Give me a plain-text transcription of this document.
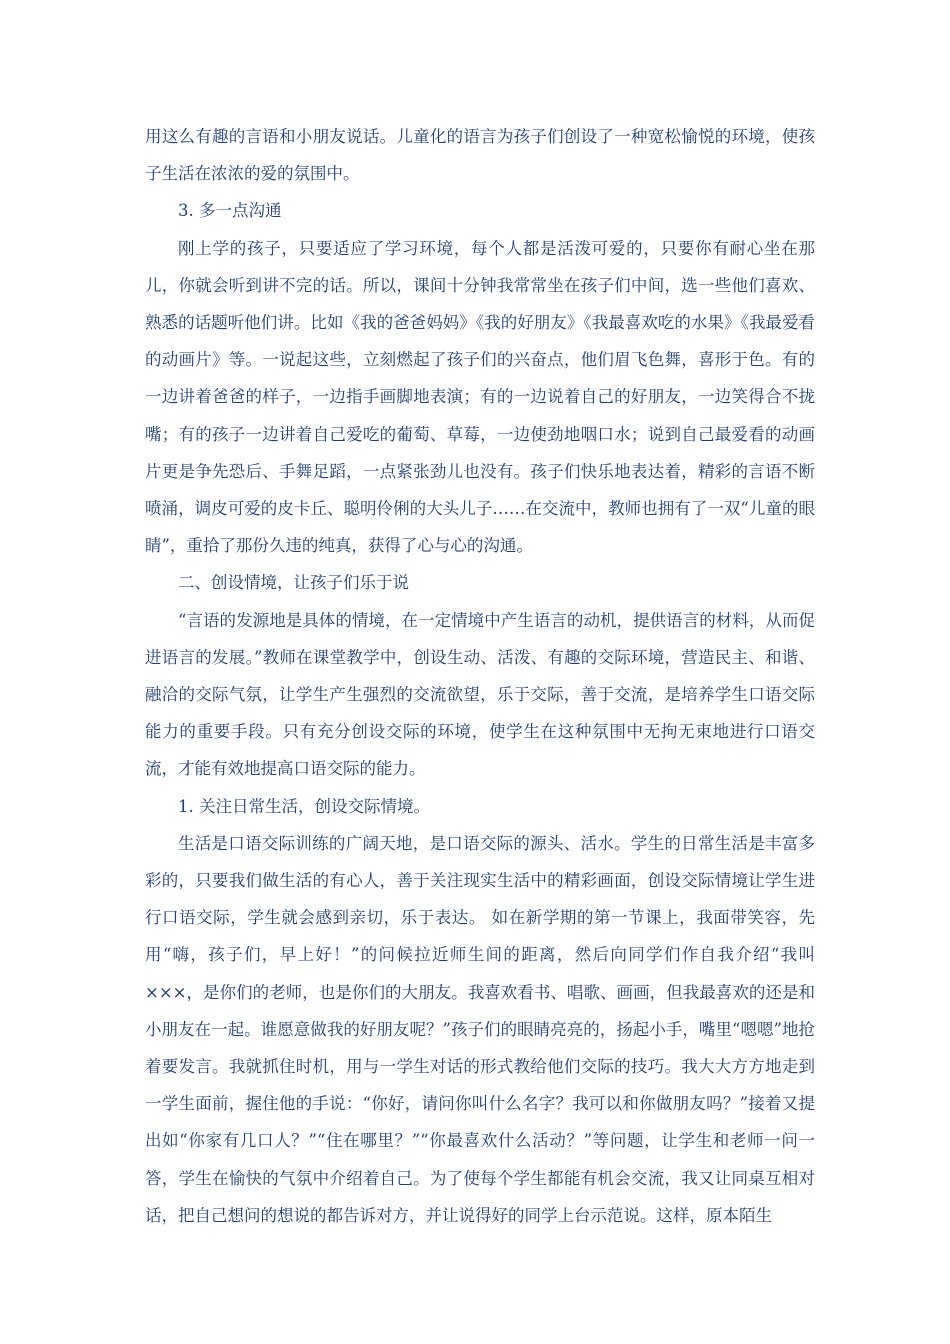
用这么有趣的言语和小朋友说话。儿童化的语言为孩子们创设了一种宽松愉悦的环境，使孩子生活在浓浓的爱的氛围中。

3. 多一点沟通

刚上学的孩子，只要适应了学习环境，每个人都是活泼可爱的，只要你有耐心坐在那儿，你就会听到讲不完的话。所以，课间十分钟我常常坐在孩子们中间，选一些他们喜欢、熟悉的话题听他们讲。比如《我的爸爸妈妈》《我的好朋友》《我最喜欢吃的水果》《我最爱看的动画片》等。一说起这些，立刻燃起了孩子们的兴奋点，他们眉飞色舞，喜形于色。有的一边讲着爸爸的样子，一边指手画脚地表演；有的一边说着自己的好朋友，一边笑得合不拢嘴；有的孩子一边讲着自己爱吃的葡萄、草莓，一边使劲地咽口水；说到自己最爱看的动画片更是争先恐后、手舞足蹈，一点紧张劲儿也没有。孩子们快乐地表达着，精彩的言语不断喷涌，调皮可爱的皮卡丘、聪明伶俐的大头儿子……在交流中，教师也拥有了一双“儿童的眼睛”，重拾了那份久违的纯真，获得了心与心的沟通。

二、创设情境，让孩子们乐于说

“言语的发源地是具体的情境，在一定情境中产生语言的动机，提供语言的材料，从而促进语言的发展。”教师在课堂教学中，创设生动、活泼、有趣的交际环境，营造民主、和谐、融洽的交际气氛，让学生产生强烈的交流欲望，乐于交际，善于交流，是培养学生口语交际能力的重要手段。只有充分创设交际的环境，使学生在这种氛围中无拘无束地进行口语交流，才能有效地提高口语交际的能力。

1. 关注日常生活，创设交际情境。

生活是口语交际训练的广阔天地，是口语交际的源头、活水。学生的日常生活是丰富多彩的，只要我们做生活的有心人，善于关注现实生活中的精彩画面，创设交际情境让学生进行口语交际，学生就会感到亲切，乐于表达。 如在新学期的第一节课上，我面带笑容，先用“嗨，孩子们，早上好！”的问候拉近师生间的距离，然后向同学们作自我介绍“我叫×××，是你们的老师，也是你们的大朋友。我喜欢看书、唱歌、画画，但我最喜欢的还是和小朋友在一起。谁愿意做我的好朋友呢？”孩子们的眼睛亮亮的，扬起小手，嘴里“嗯嗯”地抢着要发言。我就抓住时机，用与一学生对话的形式教给他们交际的技巧。我大大方方地走到一学生面前，握住他的手说：“你好，请问你叫什么名字？我可以和你做朋友吗？”接着又提出如“你家有几口人？”“住在哪里？”“你最喜欢什么活动？”等问题，让学生和老师一问一答，学生在愉快的气氛中介绍着自己。为了使每个学生都能有机会交流，我又让同桌互相对话，把自己想问的想说的都告诉对方，并让说得好的同学上台示范说。这样，原本陌生
